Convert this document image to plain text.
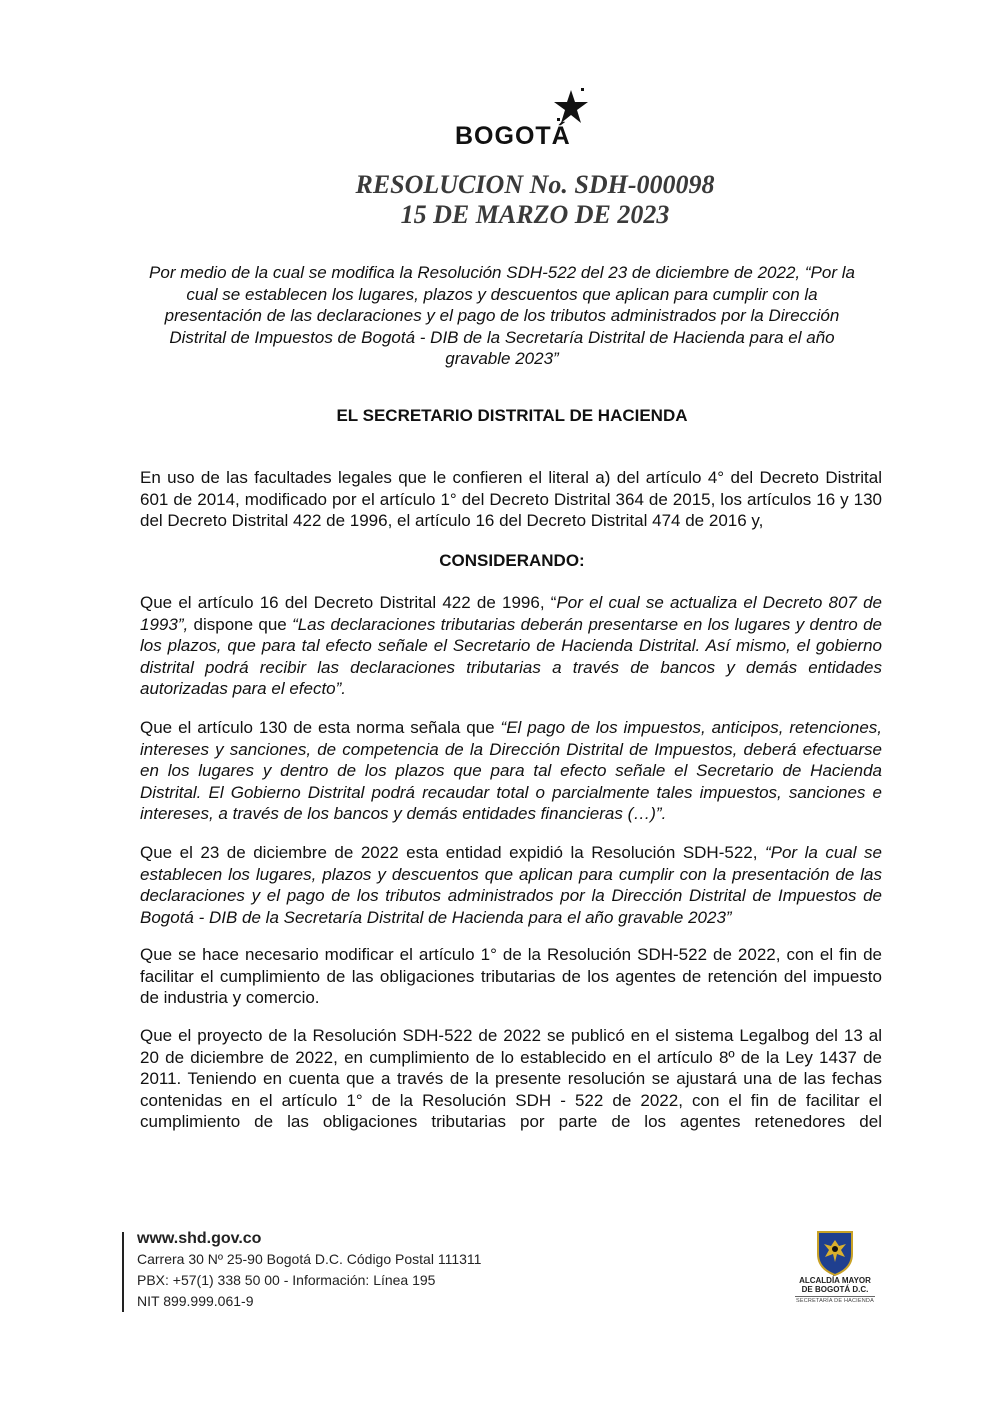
BOGOTÁ
RESOLUCION No. SDH-000098
15 DE MARZO DE 2023
Por medio de la cual se modifica la Resolución SDH-522 del 23 de diciembre de 2022, “Por la cual se establecen los lugares, plazos y descuentos que aplican para cumplir con la presentación de las declaraciones y el pago de los tributos administrados por la Dirección Distrital de Impuestos de Bogotá - DIB de la Secretaría Distrital de Hacienda para el año gravable 2023”
EL SECRETARIO DISTRITAL DE HACIENDA

En uso de las facultades legales que le confieren el literal a) del artículo 4° del Decreto Distrital 601 de 2014, modificado por el artículo 1° del Decreto Distrital 364 de 2015, los artículos 16 y 130 del Decreto Distrital 422 de 1996, el artículo 16 del Decreto Distrital 474 de 2016 y,

CONSIDERANDO:

Que el artículo 16 del Decreto Distrital 422 de 1996, “Por el cual se actualiza el Decreto 807 de 1993”, dispone que “Las declaraciones tributarias deberán presentarse en los lugares y dentro de los plazos, que para tal efecto señale el Secretario de Hacienda Distrital. Así mismo, el gobierno distrital podrá recibir las declaraciones tributarias a través de bancos y demás entidades autorizadas para el efecto”.

Que el artículo 130 de esta norma señala que “El pago de los impuestos, anticipos, retenciones, intereses y sanciones, de competencia de la Dirección Distrital de Impuestos, deberá efectuarse en los lugares y dentro de los plazos que para tal efecto señale el Secretario de Hacienda Distrital. El Gobierno Distrital podrá recaudar total o parcialmente tales impuestos, sanciones e intereses, a través de los bancos y demás entidades financieras (…)”.

Que el 23 de diciembre de 2022 esta entidad expidió la Resolución SDH-522, “Por la cual se establecen los lugares, plazos y descuentos que aplican para cumplir con la presentación de las declaraciones y el pago de los tributos administrados por la Dirección Distrital de Impuestos de Bogotá - DIB de la Secretaría Distrital de Hacienda para el año gravable 2023”

Que se hace necesario modificar el artículo 1° de la Resolución SDH-522 de 2022, con el fin de facilitar el cumplimiento de las obligaciones tributarias de los agentes de retención del impuesto de industria y comercio.

Que el proyecto de la Resolución SDH-522 de 2022 se publicó en el sistema Legalbog del 13 al 20 de diciembre de 2022, en cumplimiento de lo establecido en el artículo 8º de la Ley 1437 de 2011. Teniendo en cuenta que a través de la presente resolución se ajustará una de las fechas contenidas en el artículo 1° de la Resolución SDH - 522 de 2022, con el fin de facilitar el cumplimiento de las obligaciones tributarias por parte de los agentes retenedores del

www.shd.gov.co
Carrera 30 Nº 25-90 Bogotá D.C. Código Postal 111311
PBX: +57(1) 338 50 00 - Información: Línea 195
NIT 899.999.061-9
ALCALDÍA MAYOR
DE BOGOTÁ D.C.
SECRETARÍA DE HACIENDA
